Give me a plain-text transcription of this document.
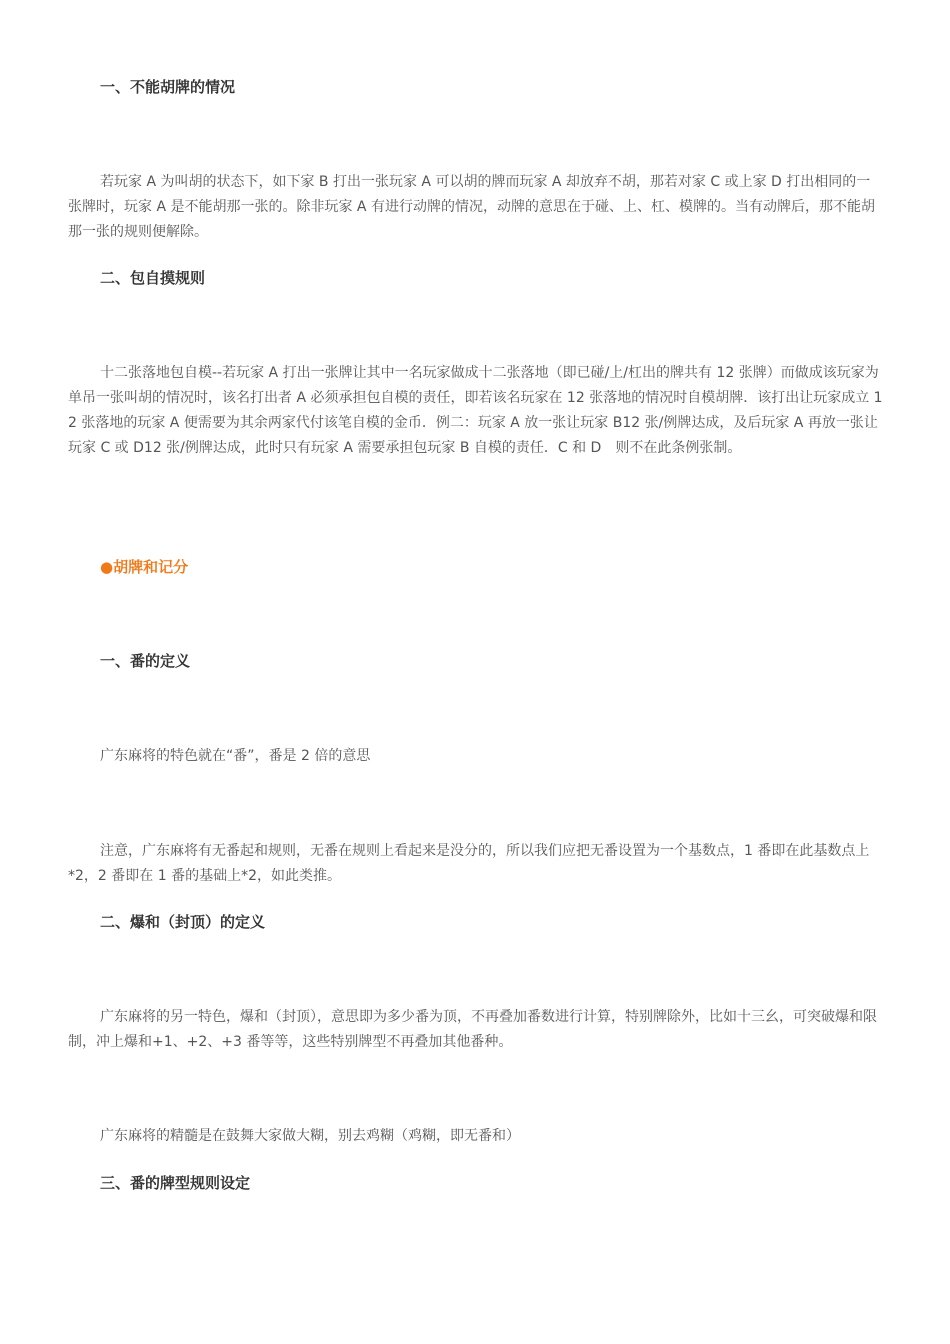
一、不能胡牌的情况

若玩家 A 为叫胡的状态下，如下家 B 打出一张玩家 A 可以胡的牌而玩家 A 却放弃不胡，那若对家 C 或上家 D 打出相同的一张牌时，玩家 A 是不能胡那一张的。除非玩家 A 有进行动牌的情况，动牌的意思在于碰、上、杠、模牌的。当有动牌后，那不能胡那一张的规则便解除。

二、包自摸规则

十二张落地包自模--若玩家 A 打出一张牌让其中一名玩家做成十二张落地（即已碰/上/杠出的牌共有 12 张牌）而做成该玩家为单吊一张叫胡的情况时，该名打出者 A 必须承担包自模的责任，即若该名玩家在 12 张落地的情况时自模胡牌．该打出让玩家成立 1 2 张落地的玩家 A 便需要为其余两家代付该笔自模的金币．例二：玩家 A 放一张让玩家 B12 张/例牌达成，及后玩家 A 再放一张让玩家 C 或 D12 张/例牌达成，此时只有玩家 A 需要承担包玩家 B 自模的责任．C 和 D　则不在此条例张制。

●胡牌和记分
一、番的定义

广东麻将的特色就在“番”，番是 2 倍的意思

注意，广东麻将有无番起和规则，无番在规则上看起来是没分的，所以我们应把无番设置为一个基数点，1 番即在此基数点上*2，2 番即在 1 番的基础上*2，如此类推。

二、爆和（封顶）的定义

广东麻将的另一特色，爆和（封顶），意思即为多少番为顶，不再叠加番数进行计算，特别牌除外，比如十三幺，可突破爆和限制，冲上爆和+1、+2、+3 番等等，这些特别牌型不再叠加其他番种。

广东麻将的精髓是在鼓舞大家做大糊，别去鸡糊（鸡糊，即无番和）

三、番的牌型规则设定
